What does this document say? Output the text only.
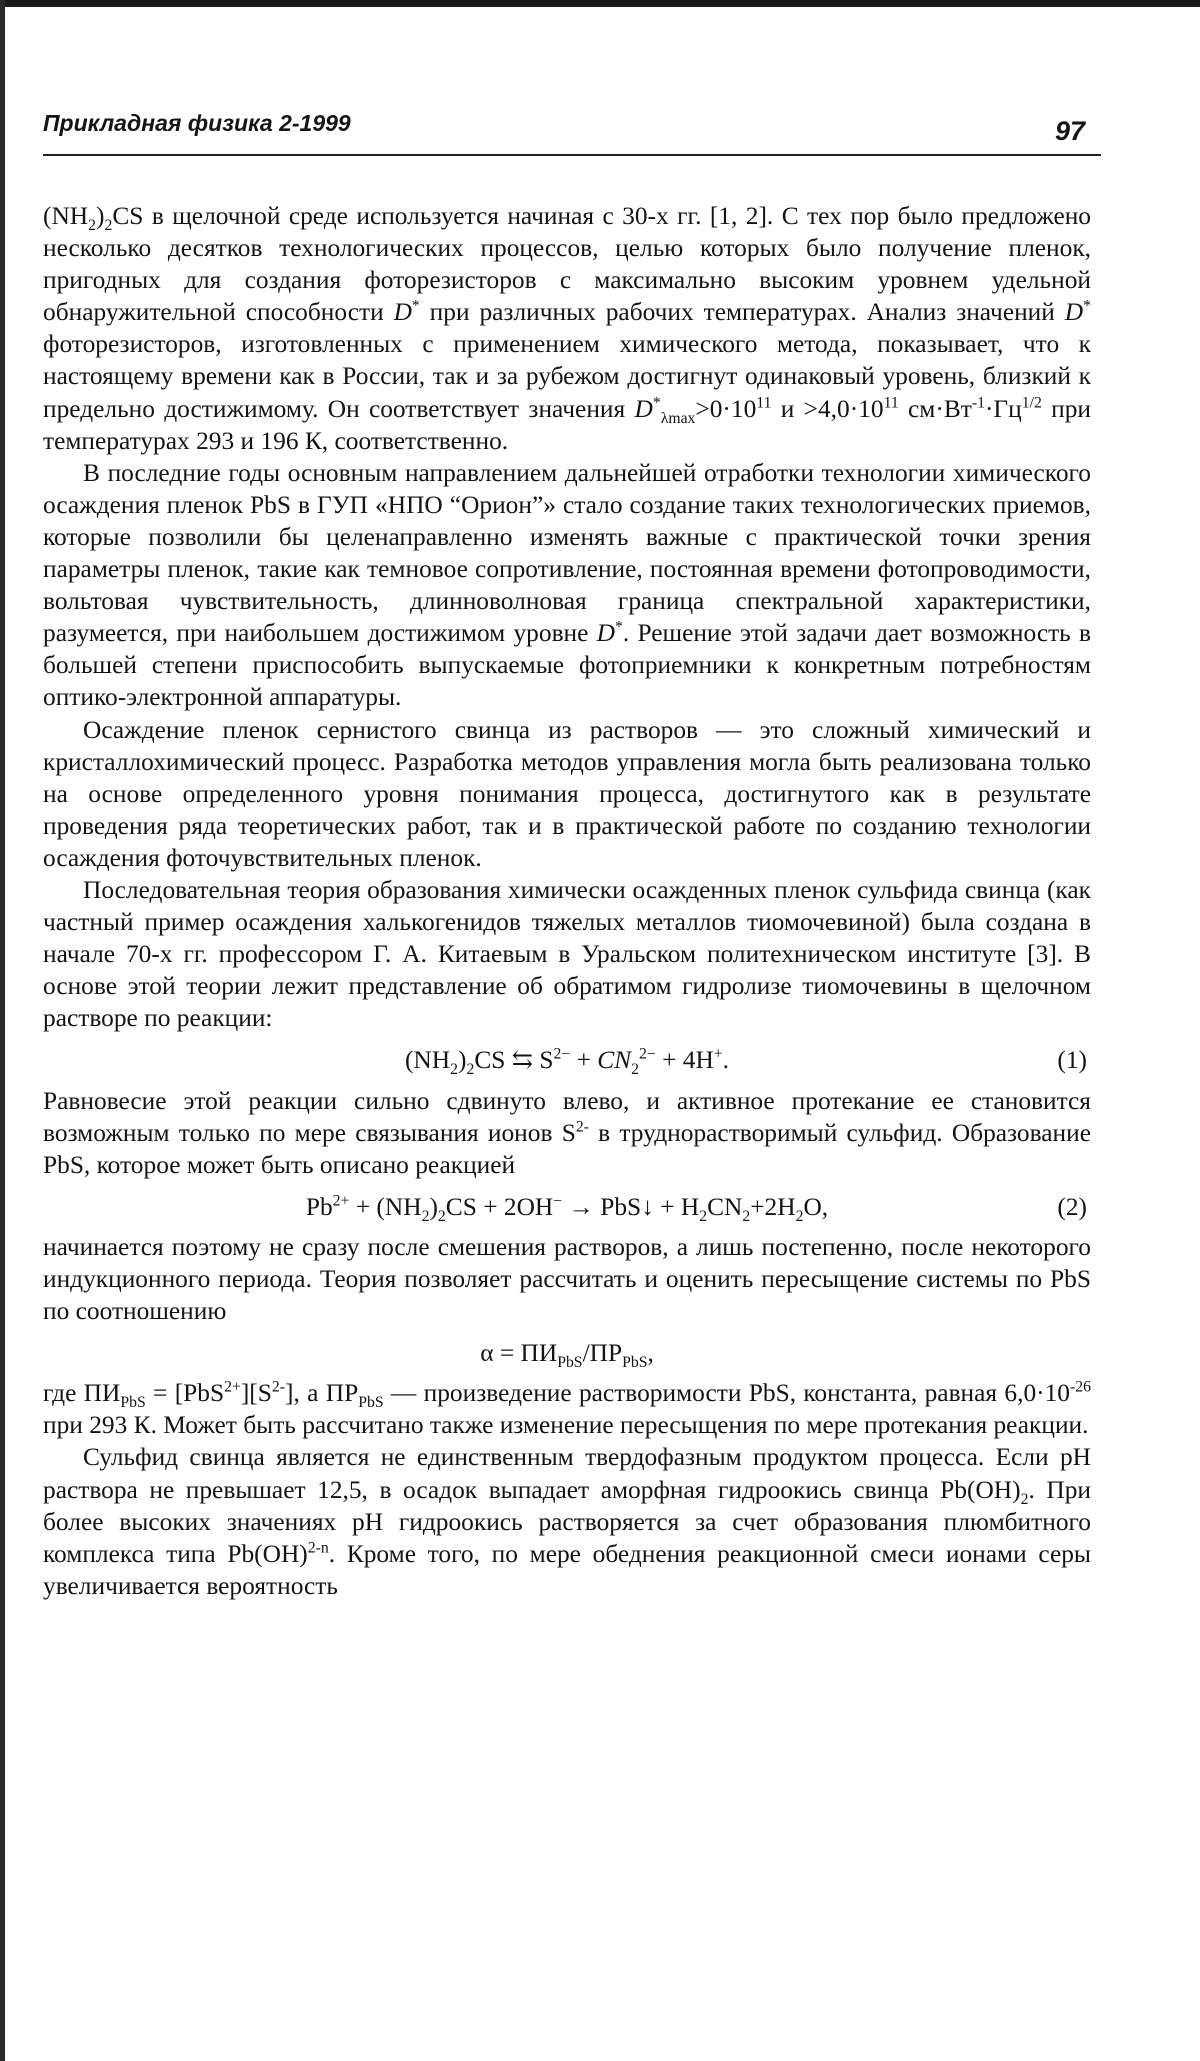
Прикладная физика 2-1999	97

$(NH_2)_2CS$ в щелочной среде используется начиная с 30-х гг. [1, 2]. С тех пор было предложено несколько десятков технологических процессов, целью которых было получение пленок, пригодных для создания фоторезисторов с максимально высоким уровнем удельной обнаружительной способности D* при различных рабочих температурах. Анализ значений D* фоторезисторов, изготовленных с применением химического метода, показывает, что к настоящему времени как в России, так и за рубежом достигнут одинаковый уровень, близкий к предельно достижимому. Он соответствует значения $D^*_{\lambda max}>0\cdot 10^{11}$ $и >4,0\cdot 10^{11}$ $см\cdot Вт^{-1}\cdot Гц^{1/2}$ при температурах 293 и 196 К, соответственно.

В последние годы основным направлением дальнейшей отработки технологии химического осаждения пленок PbS в ГУП «НПО “Орион”» стало создание таких технологических приемов, которые позволили бы целенаправленно изменять важные с практической точки зрения параметры пленок, такие как темновое сопротивление, постоянная времени фотопроводимости, вольтовая чувствительность, длинноволновая граница спектральной характеристики, разумеется, при наибольшем достижимом уровне D*. Решение этой задачи дает возможность в большей степени приспособить выпускаемые фотоприемники к конкретным потребностям оптико-электронной аппаратуры.

Осаждение пленок сернистого свинца из растворов — это сложный химический и кристаллохимический процесс. Разработка методов управления могла быть реализована только на основе определенного уровня понимания процесса, достигнутого как в результате проведения ряда теоретических работ, так и в практической работе по созданию технологии осаждения фоточувствительных пленок.

Последовательная теория образования химически осажденных пленок сульфида свинца (как частный пример осаждения халькогенидов тяжелых металлов тиомочевиной) была создана в начале 70-х гг. профессором Г. А. Китаевым в Уральском политехническом институте [3]. В основе этой теории лежит представление об обратимом гидролизе тиомочевины в щелочном растворе по реакции:

$(NH_2)_2CS$ ⇆ $S^{2-} + CN_2^{2-} + 4H^+$.	(1)

Равновесие этой реакции сильно сдвинуто влево, и активное протекание ее становится возможным только по мере связывания ионов $S^{2-}$ в труднорастворимый сульфид. Образование PbS, которое может быть описано реакцией

$Pb^{2+} + (NH_2)_2CS + 2OH^-$ → PbS↓ + $H_2CN_2+2H_2O$,	(2)

начинается поэтому не сразу после смешения растворов, а лишь постепенно, после некоторого индукционного периода. Теория позволяет рассчитать и оценить пересыщение системы по PbS по соотношению

$\alpha = ПИ_{PbS}/ПР_{PbS}$,

где $ПИ_{PbS} = [PbS^{2+}][S^{2-}]$, а $ПР_{PbS}$ — произведение растворимости PbS, константа, равная $6,0\cdot 10^{-26}$ при 293 К. Может быть рассчитано также изменение пересыщения по мере протекания реакции.

Сульфид свинца является не единственным твердофазным продуктом процесса. Если pH раствора не превышает 12,5, в осадок выпадает аморфная гидроокись свинца $Pb(OH)_2$. При более высоких значениях pH гидроокись растворяется за счет образования плюмбитного комплекса типа Pb(OH)$^{2-n}$. Кроме того, по мере обеднения реакционной смеси ионами серы увеличивается вероятность
